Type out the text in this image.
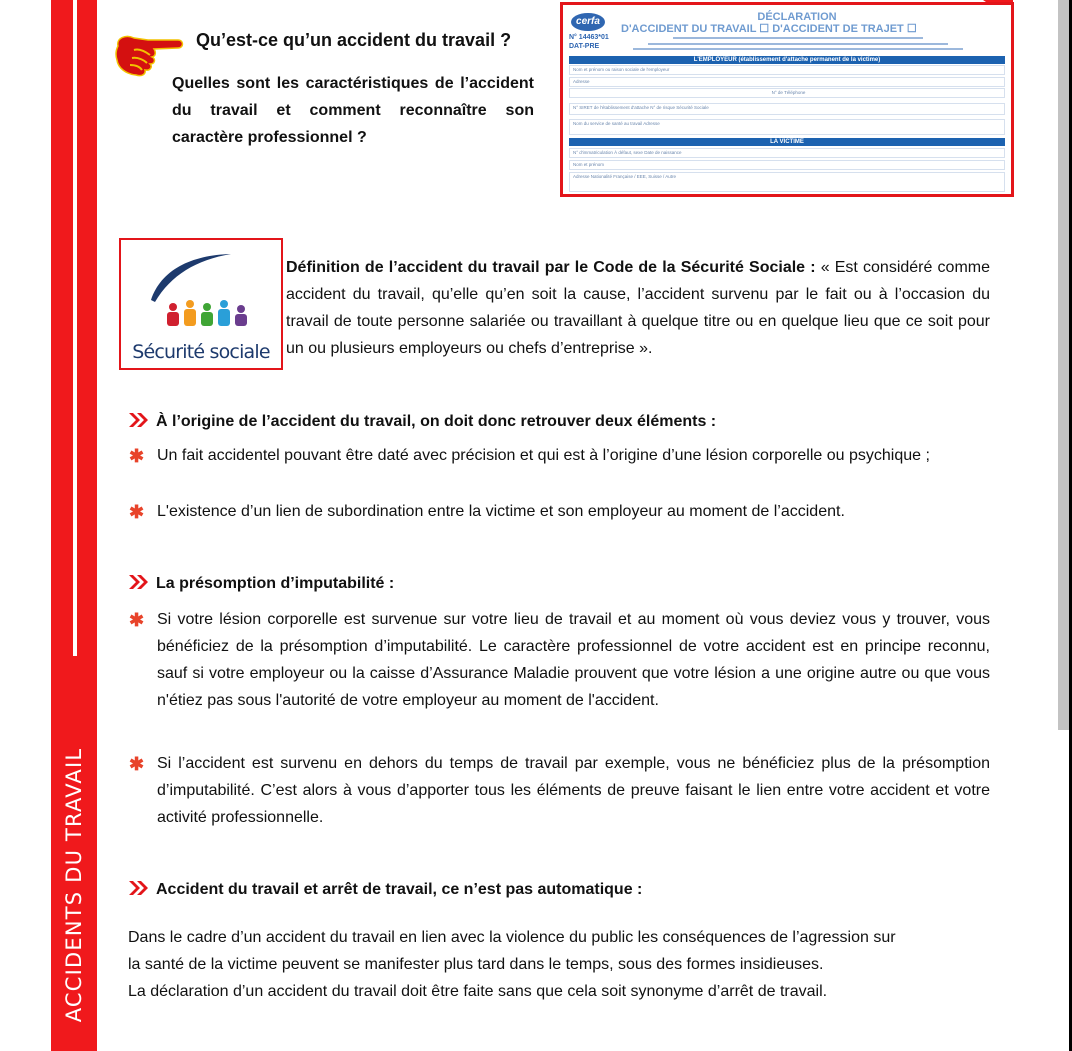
ACCIDENTS DU TRAVAIL
Qu’est-ce qu’un accident du travail ?
Quelles sont les caractéristiques de l’accident du travail et comment reconnaître son caractère professionnel ?
cerfa
N° 14463*01
DAT-PRE
DÉCLARATION
D'ACCIDENT DU TRAVAIL ☐ D'ACCIDENT DE TRAJET ☐
L'EMPLOYEUR (établissement d'attache permanent de la victime)
Nom et prénom ou raison sociale de l'employeur
Adresse
N° de Téléphone
N° SIRET de l'établissement d'attache N° de risque Sécurité Sociale
Nom du service de santé au travail Adresse
LA VICTIME
N° d'immatriculation À défaut, sexe Date de naissance
Nom et prénom
Adresse Nationalité Française / EEE, Suisse / Autre
Sécurité sociale
Définition de l’accident du travail par le Code de la Sécurité Sociale : « Est considéré comme accident du travail, qu’elle qu’en soit la cause, l’accident survenu par le fait ou à l’occasion du travail de toute personne salariée ou travaillant à quelque titre ou en quelque lieu que ce soit pour un ou plusieurs employeurs ou chefs d’entreprise ».
À l’origine de l’accident du travail, on doit donc retrouver deux éléments :
✱ Un fait accidentel pouvant être daté avec précision et qui est à l’origine d’une lésion corporelle ou psychique ;
✱ L'existence d’un lien de subordination entre la victime et son employeur au moment de l’accident.
La présomption d’imputabilité :
✱ Si votre lésion corporelle est survenue sur votre lieu de travail et au moment où vous deviez vous y trouver, vous bénéficiez de la présomption d’imputabilité. Le caractère professionnel de votre accident est en principe reconnu, sauf si votre employeur ou la caisse d’Assurance Maladie prouvent que votre lésion a une origine autre ou que vous n'étiez pas sous l'autorité de votre employeur au moment de l'accident.
✱ Si l’accident est survenu en dehors du temps de travail par exemple, vous ne bénéficiez plus de la présomption d’imputabilité. C’est alors à vous d’apporter tous les éléments de preuve faisant le lien entre votre accident et votre activité professionnelle.
Accident du travail et arrêt de travail, ce n’est pas automatique :
Dans le cadre d’un accident du travail en lien avec la violence du public les conséquences de l’agression sur
la santé de la victime peuvent se manifester plus tard dans le temps, sous des formes insidieuses.
La déclaration d’un accident du travail doit être faite sans que cela soit synonyme d’arrêt de travail.
